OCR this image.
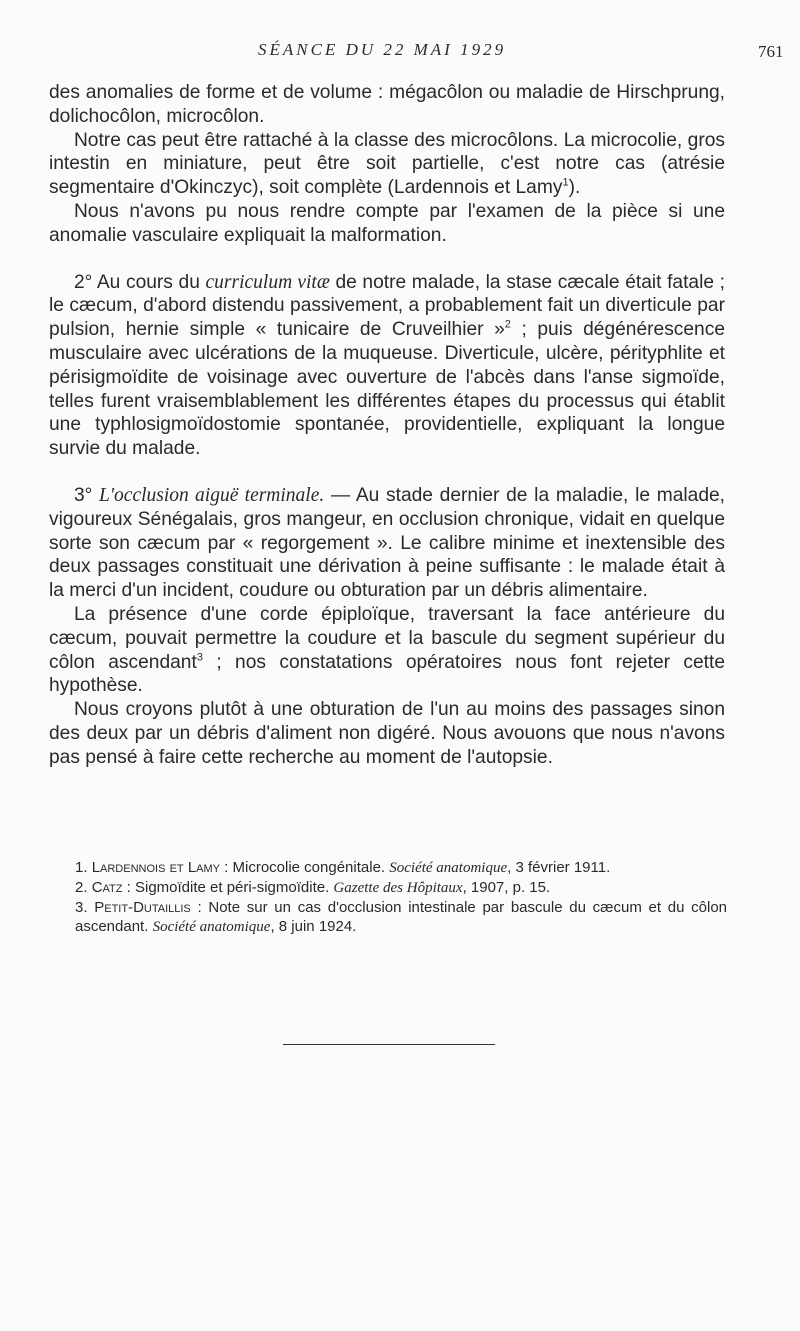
SÉANCE DU 22 MAI 1929	761

des anomalies de forme et de volume : mégacôlon ou maladie de Hirschprung, dolichocôlon, microcôlon.

Notre cas peut être rattaché à la classe des microcôlons. La microcolie, gros intestin en miniature, peut être soit partielle, c'est notre cas (atrésie segmentaire d'Okinczyc), soit complète (Lardennois et Lamy$^1$).

Nous n'avons pu nous rendre compte par l'examen de la pièce si une anomalie vasculaire expliquait la malformation.

2° Au cours du curriculum vitæ de notre malade, la stase cæcale était fatale ; le cæcum, d'abord distendu passivement, a probablement fait un diverticule par pulsion, hernie simple « tunicaire de Cruveilhier »$^2$ ; puis dégénérescence musculaire avec ulcérations de la muqueuse. Diverticule, ulcère, pérityphlite et périsigmoïdite de voisinage avec ouverture de l'abcès dans l'anse sigmoïde, telles furent vraisemblablement les différentes étapes du processus qui établit une typhlosigmoïdostomie spontanée, providentielle, expliquant la longue survie du malade.

3° L'occlusion aiguë terminale. — Au stade dernier de la maladie, le malade, vigoureux Sénégalais, gros mangeur, en occlusion chronique, vidait en quelque sorte son cæcum par « regorgement ». Le calibre minime et inextensible des deux passages constituait une dérivation à peine suffisante : le malade était à la merci d'un incident, coudure ou obturation par un débris alimentaire.

La présence d'une corde épiploïque, traversant la face antérieure du cæcum, pouvait permettre la coudure et la bascule du segment supérieur du côlon ascendant$^3$ ; nos constatations opératoires nous font rejeter cette hypothèse.

Nous croyons plutôt à une obturation de l'un au moins des passages sinon des deux par un débris d'aliment non digéré. Nous avouons que nous n'avons pas pensé à faire cette recherche au moment de l'autopsie.

1. Lardennois et Lamy : Microcolie congénitale. Société anatomique, 3 février 1911.

2. Catz : Sigmoïdite et péri-sigmoïdite. Gazette des Hôpitaux, 1907, p. 15.

3. Petit-Dutaillis : Note sur un cas d'occlusion intestinale par bascule du cæcum et du côlon ascendant. Société anatomique, 8 juin 1924.
